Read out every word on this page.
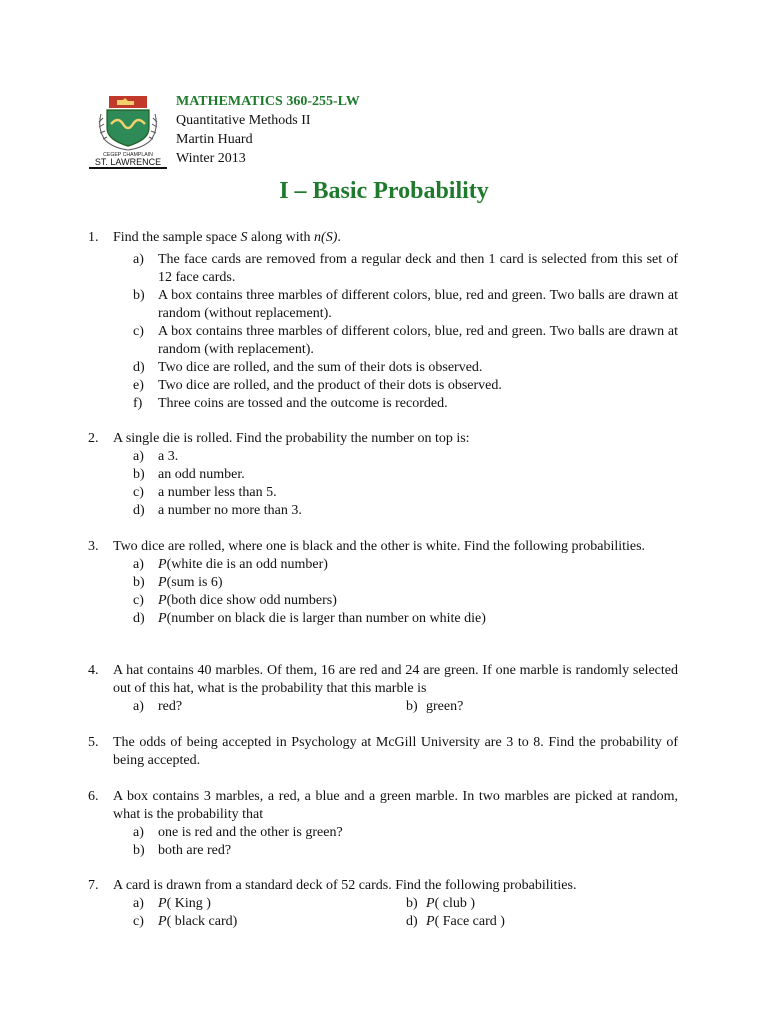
CEGEP CHAMPLAIN
ST. LAWRENCE
MATHEMATICS 360-255-LW
Quantitative Methods II
Martin Huard
Winter 2013
I – Basic Probability
1.	Find the sample space S along with n(S).
a) The face cards are removed from a regular deck and then 1 card is selected from this set of 12 face cards.
b) A box contains three marbles of different colors, blue, red and green. Two balls are drawn at random (without replacement).
c) A box contains three marbles of different colors, blue, red and green. Two balls are drawn at random (with replacement).
d) Two dice are rolled, and the sum of their dots is observed.
e) Two dice are rolled, and the product of their dots is observed.
f) Three coins are tossed and the outcome is recorded.
2.	A single die is rolled. Find the probability the number on top is:
a) a 3.
b) an odd number.
c) a number less than 5.
d) a number no more than 3.
3.	Two dice are rolled, where one is black and the other is white. Find the following probabilities.
a) P(white die is an odd number)
b) P(sum is 6)
c) P(both dice show odd numbers)
d) P(number on black die is larger than number on white die)
4.	A hat contains 40 marbles. Of them, 16 are red and 24 are green. If one marble is randomly selected out of this hat, what is the probability that this marble is
a) red?	b) green?
5.	The odds of being accepted in Psychology at McGill University are 3 to 8. Find the probability of being accepted.
6.	A box contains 3 marbles, a red, a blue and a green marble. In two marbles are picked at random, what is the probability that
a) one is red and the other is green?
b) both are red?
7.	A card is drawn from a standard deck of 52 cards. Find the following probabilities.
a) P( King )	b) P( club )
c) P( black card)	d) P( Face card )
